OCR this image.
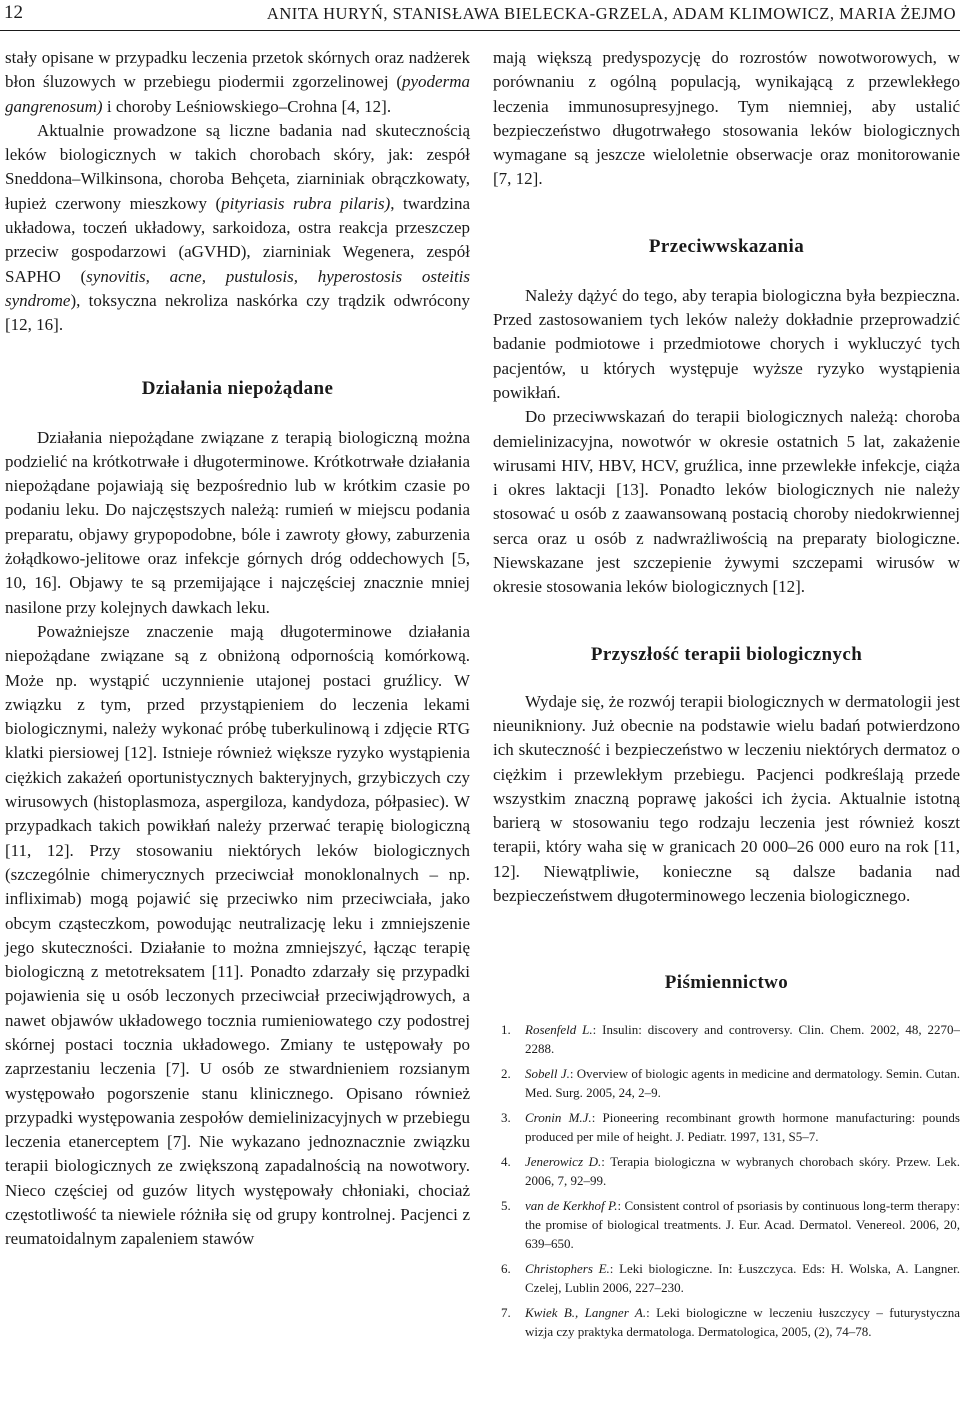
12	ANITA HURYŃ, STANISŁAWA BIELECKA-GRZELA, ADAM KLIMOWICZ, MARIA ŻEJMO

stały opisane w przypadku leczenia przetok skórnych oraz nadżerek błon śluzowych w przebiegu piodermii zgorzelinowej (pyoderma gangrenosum) i choroby Leśniowskiego–Crohna [4, 12].

Aktualnie prowadzone są liczne badania nad skutecznością leków biologicznych w takich chorobach skóry, jak: zespół Sneddona–Wilkinsona, choroba Behçeta, ziarniniak obrączkowaty, łupież czerwony mieszkowy (pityriasis rubra pilaris), twardzina układowa, toczeń układowy, sarkoidoza, ostra reakcja przeszczep przeciw gospodarzowi (aGVHD), ziarniniak Wegenera, zespół SAPHO (synovitis, acne, pustulosis, hyperostosis osteitis syndrome), toksyczna nekroliza naskórka czy trądzik odwrócony [12, 16].

Działania niepożądane

Działania niepożądane związane z terapią biologiczną można podzielić na krótkotrwałe i długoterminowe. Krótkotrwałe działania niepożądane pojawiają się bezpośrednio lub w krótkim czasie po podaniu leku. Do najczęstszych należą: rumień w miejscu podania preparatu, objawy grypopodobne, bóle i zawroty głowy, zaburzenia żołądkowo-jelitowe oraz infekcje górnych dróg oddechowych [5, 10, 16]. Objawy te są przemijające i najczęściej znacznie mniej nasilone przy kolejnych dawkach leku.

Poważniejsze znaczenie mają długoterminowe działania niepożądane związane są z obniżoną odpornością komórkową. Może np. wystąpić uczynnienie utajonej postaci gruźlicy. W związku z tym, przed przystąpieniem do leczenia lekami biologicznymi, należy wykonać próbę tuberkulinową i zdjęcie RTG klatki piersiowej [12]. Istnieje również większe ryzyko wystąpienia ciężkich zakażeń oportunistycznych bakteryjnych, grzybiczych czy wirusowych (histoplasmoza, aspergiloza, kandydoza, półpasiec). W przypadkach takich powikłań należy przerwać terapię biologiczną [11, 12]. Przy stosowaniu niektórych leków biologicznych (szczególnie chimerycznych przeciwciał monoklonalnych – np. infliximab) mogą pojawić się przeciwko nim przeciwciała, jako obcym cząsteczkom, powodując neutralizację leku i zmniejszenie jego skuteczności. Działanie to można zmniejszyć, łącząc terapię biologiczną z metotreksatem [11]. Ponadto zdarzały się przypadki pojawienia się u osób leczonych przeciwciał przeciwjądrowych, a nawet objawów układowego tocznia rumieniowatego czy podostrej skórnej postaci tocznia układowego. Zmiany te ustępowały po zaprzestaniu leczenia [7]. U osób ze stwardnieniem rozsianym występowało pogorszenie stanu klinicznego. Opisano również przypadki występowania zespołów demielinizacyjnych w przebiegu leczenia etanerceptem [7]. Nie wykazano jednoznacznie związku terapii biologicznych ze zwiększoną zapadalnością na nowotwory. Nieco częściej od guzów litych występowały chłoniaki, chociaż częstotliwość ta niewiele różniła się od grupy kontrolnej. Pacjenci z reumatoidalnym zapaleniem stawów

mają większą predyspozycję do rozrostów nowotworowych, w porównaniu z ogólną populacją, wynikającą z przewlekłego leczenia immunosupresyjnego. Tym niemniej, aby ustalić bezpieczeństwo długotrwałego stosowania leków biologicznych wymagane są jeszcze wieloletnie obserwacje oraz monitorowanie [7, 12].

Przeciwwskazania

Należy dążyć do tego, aby terapia biologiczna była bezpieczna. Przed zastosowaniem tych leków należy dokładnie przeprowadzić badanie podmiotowe i przedmiotowe chorych i wykluczyć tych pacjentów, u których występuje wyższe ryzyko wystąpienia powikłań.

Do przeciwwskazań do terapii biologicznych należą: choroba demielinizacyjna, nowotwór w okresie ostatnich 5 lat, zakażenie wirusami HIV, HBV, HCV, gruźlica, inne przewlekłe infekcje, ciąża i okres laktacji [13]. Ponadto leków biologicznych nie należy stosować u osób z zaawansowaną postacią choroby niedokrwiennej serca oraz u osób z nadwrażliwością na preparaty biologiczne. Niewskazane jest szczepienie żywymi szczepami wirusów w okresie stosowania leków biologicznych [12].

Przyszłość terapii biologicznych

Wydaje się, że rozwój terapii biologicznych w dermatologii jest nieunikniony. Już obecnie na podstawie wielu badań potwierdzono ich skuteczność i bezpieczeństwo w leczeniu niektórych dermatoz o ciężkim i przewlekłym przebiegu. Pacjenci podkreślają przede wszystkim znaczną poprawę jakości ich życia. Aktualnie istotną barierą w stosowaniu tego rodzaju leczenia jest również koszt terapii, który waha się w granicach 20 000–26 000 euro na rok [11, 12]. Niewątpliwie, konieczne są dalsze badania nad bezpieczeństwem długoterminowego leczenia biologicznego.

Piśmiennictwo
1. Rosenfeld L.: Insulin: discovery and controversy. Clin. Chem. 2002, 48, 2270–2288.
2. Sobell J.: Overview of biologic agents in medicine and dermatology. Semin. Cutan. Med. Surg. 2005, 24, 2–9.
3. Cronin M.J.: Pioneering recombinant growth hormone manufacturing: pounds produced per mile of height. J. Pediatr. 1997, 131, S5–7.
4. Jenerowicz D.: Terapia biologiczna w wybranych chorobach skóry. Przew. Lek. 2006, 7, 92–99.
5. van de Kerkhof P.: Consistent control of psoriasis by continuous long-term therapy: the promise of biological treatments. J. Eur. Acad. Dermatol. Venereol. 2006, 20, 639–650.
6. Christophers E.: Leki biologiczne. In: Łuszczyca. Eds: H. Wolska, A. Langner. Czelej, Lublin 2006, 227–230.
7. Kwiek B., Langner A.: Leki biologiczne w leczeniu łuszczycy – futurystyczna wizja czy praktyka dermatologa. Dermatologica, 2005, (2), 74–78.
